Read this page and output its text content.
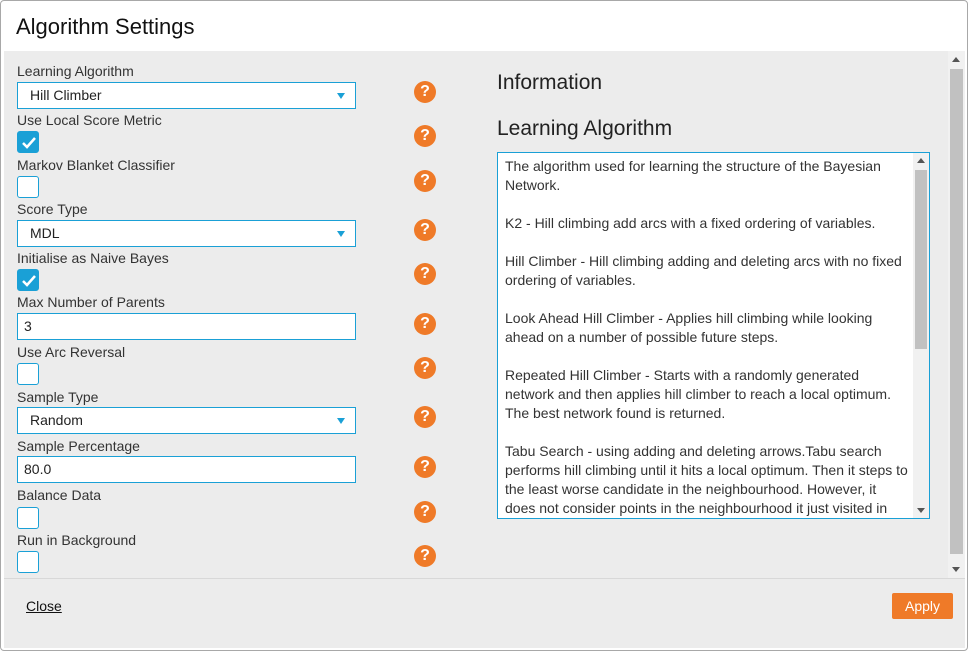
Algorithm Settings
Learning Algorithm
Hill Climber	?
Use Local Score Metric
?
Markov Blanket Classifier
?
Score Type
MDL	?
Initialise as Naive Bayes
?
Max Number of Parents
3	?
Use Arc Reversal
?
Sample Type
Random	?
Sample Percentage
80.0	?
Balance Data
?
Run in Background
?
Information
Learning Algorithm

The algorithm used for learning the structure of the Bayesian Network.

K2 - Hill climbing add arcs with a fixed ordering of variables.

Hill Climber - Hill climbing adding and deleting arcs with no fixed ordering of variables.

Look Ahead Hill Climber - Applies hill climbing while looking ahead on a number of possible future steps.

Repeated Hill Climber - Starts with a randomly generated network and then applies hill climber to reach a local optimum. The best network found is returned.

Tabu Search - using adding and deleting arrows.Tabu search performs hill climbing until it hits a local optimum. Then it steps to the least worse candidate in the neighbourhood. However, it does not consider points in the neighbourhood it just visited in

Close	Apply
